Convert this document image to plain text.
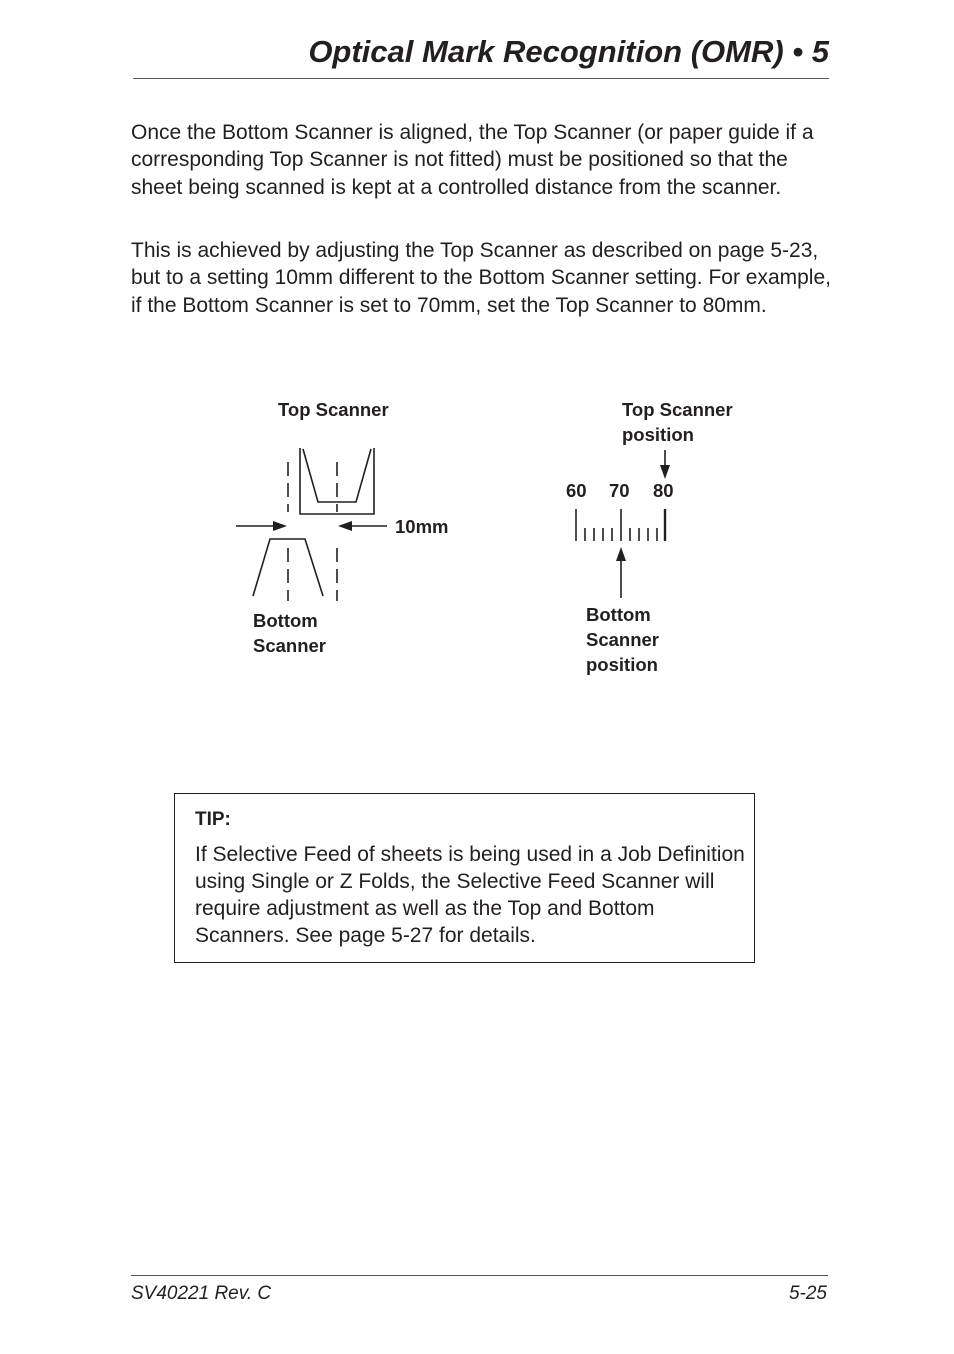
Optical Mark Recognition (OMR) • 5

Once the Bottom Scanner is aligned, the Top Scanner (or paper guide if a corresponding Top Scanner is not fitted) must be positioned so that the sheet being scanned is kept at a controlled distance from the scanner.

This is achieved by adjusting the Top Scanner as described on page 5-23, but to a setting 10mm different to the Bottom Scanner setting. For example, if the Bottom Scanner is set to 70mm, set the Top Scanner to 80mm.

Top Scanner
10mm
Bottom
Scanner
Top Scanner
position
60 70 80
Bottom
Scanner
position
TIP:

If Selective Feed of sheets is being used in a Job Definition using Single or Z Folds, the Selective Feed Scanner will require adjustment as well as the Top and Bottom Scanners. See page 5-27 for details.

SV40221 Rev. C	5-25
